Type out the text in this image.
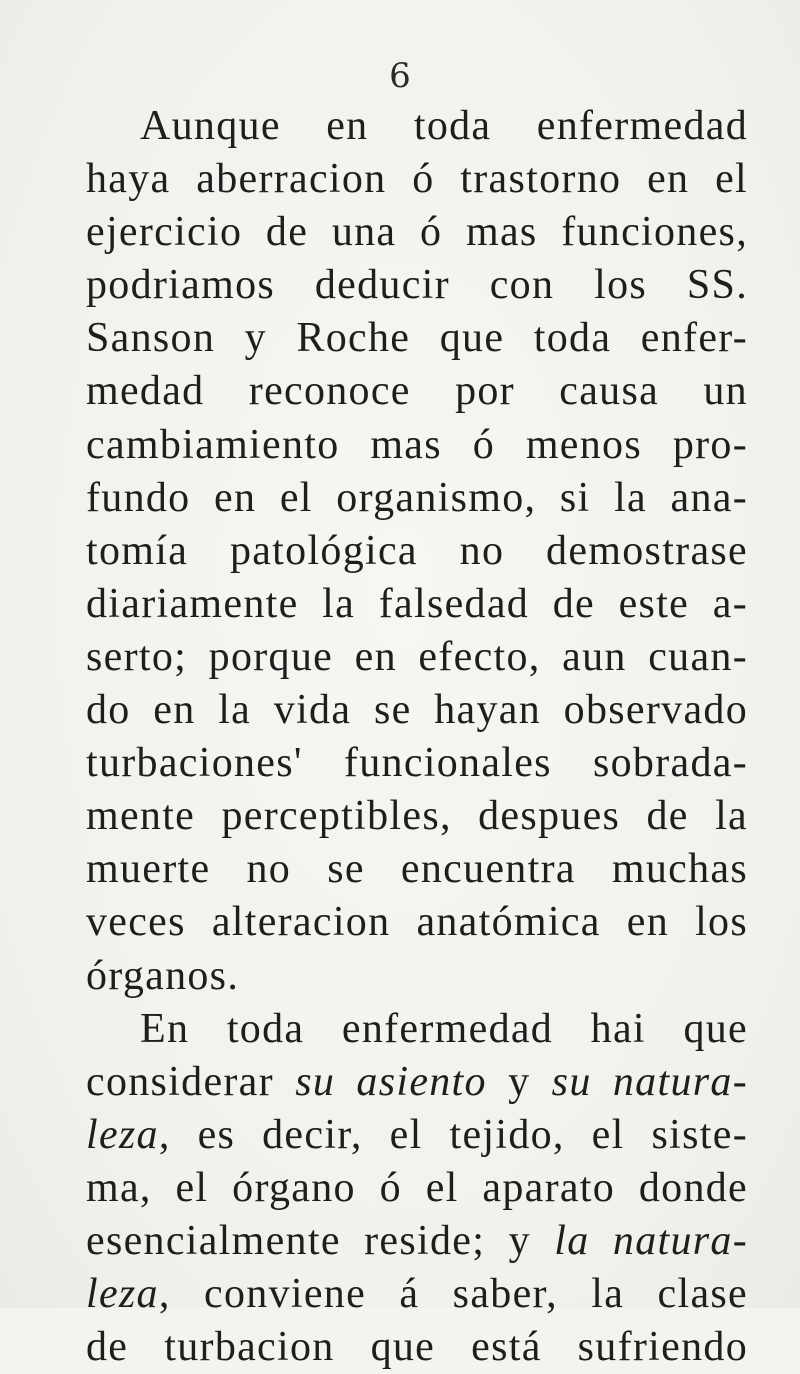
6
Aunque en toda enfermedad
haya aberracion ó trastorno en el
ejercicio de una ó mas funciones,
podriamos deducir con los SS.
Sanson y Roche que toda enfer-
medad reconoce por causa un
cambiamiento mas ó menos pro-
fundo en el organismo, si la ana-
tomía patológica no demostrase
diariamente la falsedad de este a-
serto; porque en efecto, aun cuan-
do en la vida se hayan observado
turbaciones' funcionales sobrada-
mente perceptibles, despues de la
muerte no se encuentra muchas
veces alteracion anatómica en los
órganos.
En toda enfermedad hai que
considerar su asiento y su natura-
leza, es decir, el tejido, el siste-
ma, el órgano ó el aparato donde
esencialmente reside; y la natura-
leza, conviene á saber, la clase
de turbacion que está sufriendo
